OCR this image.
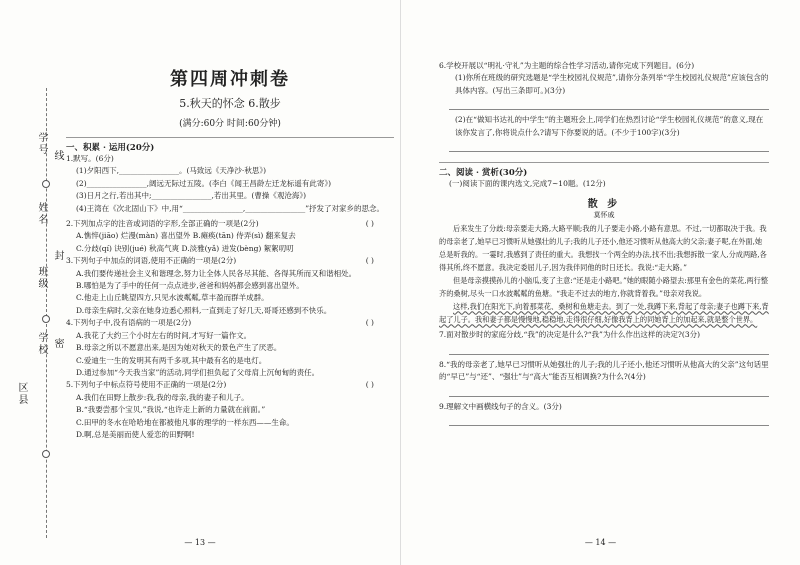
学号 线
姓名
封
班级
学校 密
区县
第四周冲刺卷
5.秋天的怀念 6.散步
(满分:60分 时间:60分钟)
一、积累 · 运用(20分)
1.默写。(6分)
(1)夕阳西下,________________。(马致远《天净沙·秋思》)
(2)________________,阔远无际过五陵。(李白《闻王昌龄左迁龙标遥有此寄》)
(3)日月之行,若出其中;________________,若出其里。(曹操《观沧海》)
(4)王湾在《次北固山下》中,用“________________,________________”抒发了对家乡的思念。
2.下列加点字的注音或词语的字形,全部正确的一项是(2分)	( )
A.憔悴(jiāo) 烂漫(màn) 喜出望外 B.瘫痪(tān) 侍弄(sì) 翻来复去
C.分歧(qí) 诀别(jué) 秋高气爽 D.淡雅(yǎ) 迸发(bèng) 絮絮叨叨
3.下列句子中加点的词语,使用不正确的一项是(2分)	( )
A.我们要传递社会主义和谐理念,努力让全体人民各尽其能、各得其所而又和谐相处。
B.哪怕是为了手中的任何一点点进步,爸爸和妈妈都会感到喜出望外。
C.他走上山丘眺望四方,只见水波粼粼,草丰盈而群羊成群。
D.母亲生病时,父亲在她身边悉心照料,一直到走了好几天,哥哥还感到不快乐。
4.下列句子中,没有语病的一项是(2分)	( )
A.我花了大约三个小时左右的时间,才写好一篇作文。
B.母亲之所以不愿意出来,是因为她对秋天的景色产生了厌恶。
C.爱迪生一生的发明其有两千多项,其中最有名的是电灯。
D.通过参加“今天我当家”的活动,同学们担负起了父母肩上沉甸甸的责任。
5.下列句子中标点符号使用不正确的一项是(2分)	( )
A.我们在田野上散步:我,我的母亲,我的妻子和儿子。
B.“我要尝那个宝贝,”我说,“也许走上新的力量就在前面。”
C.田甲的冬水在哈哈地在都被他凡事的理学的一样东西——生命。
D.啊,总是美丽而使人爱恋的田野啊!
— 13 —
6.学校开展以“明礼·守礼”为主题的综合性学习活动,请你完成下列题目。(6分)
(1)你所在班级的研究选题是“学生校园礼仪规范”,请你分条列举“学生校园礼仪规范”应该包含的具体内容。(写出三条即可。)(3分)
(2)在“做知书达礼的中学生”的主题班会上,同学们在热烈讨论“学生校园礼仪规范”的意义,现在该你发言了,你将说点什么?请写下你要说的话。(不少于100字)(3分)
二、阅读 · 赏析(30分)
(一)阅读下面的课内选文,完成7~10题。(12分)
散 步
莫怀戚
后来发生了分歧:母亲要走大路,大路平顺;我的儿子要走小路,小路有意思。不过,一切都取决于我。我的母亲老了,她早已习惯听从她强壮的儿子;我的儿子还小,他还习惯听从他高大的父亲;妻子呢,在外面,她总是听我的。一霎时,我感到了责任的重大。我想找一个两全的办法,找不出;我想拆散一家人,分成两路,各得其所,终不愿意。我决定委屈儿子,因为我伴同他的时日还长。我说:“走大路。”
但是母亲摸摸孙儿的小脑瓜,变了主意:“还是走小路吧。”她的眼随小路望去:那里有金色的菜花,两行整齐的桑树,尽头一口水波粼粼的鱼塘。“我走不过去的地方,你就背着我。”母亲对我说。
这样,我们在阳光下,向着那菜花、桑树和鱼塘走去。到了一处,我蹲下来,背起了母亲;妻子也蹲下来,背起了儿子。我和妻子都是慢慢地,稳稳地,走得很仔细,好像我背上的同她背上的加起来,就是整个世界。
7.面对散步时的家庭分歧,“我”的决定是什么?“我”为什么作出这样的决定?(3分)
8.“我的母亲老了,她早已习惯听从她强壮的儿子;我的儿子还小,他还习惯听从他高大的父亲”这句话里的“早已”与“还”、“强壮”与“高大”能否互相调换?为什么?(4分)
9.理解文中画横线句子的含义。(3分)
— 14 —
